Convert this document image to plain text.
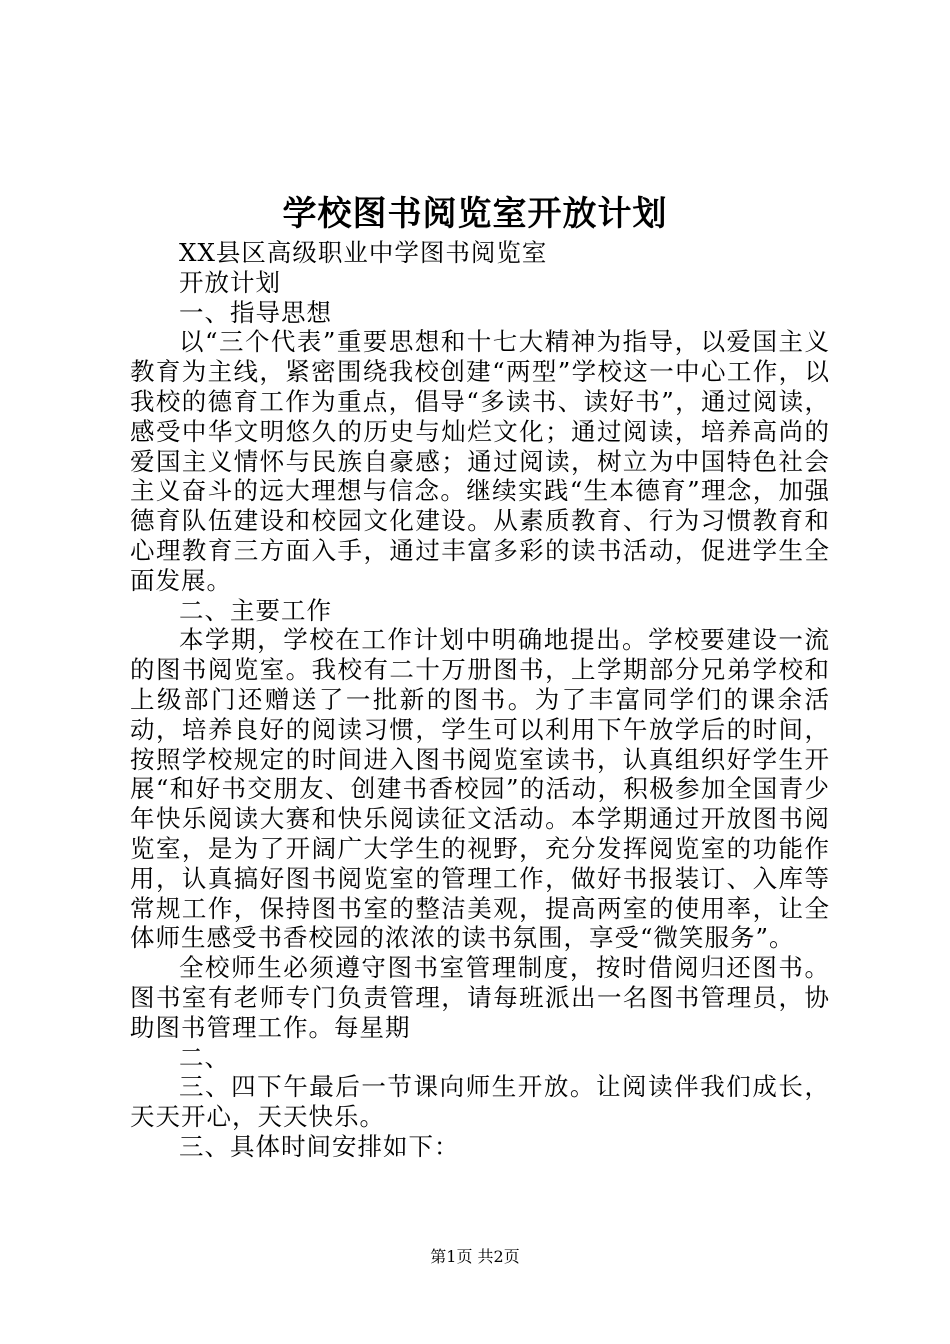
学校图书阅览室开放计划

XX县区高级职业中学图书阅览室

开放计划

一、指导思想

以“三个代表”重要思想和十七大精神为指导，以爱国主义教育为主线，紧密围绕我校创建“两型”学校这一中心工作，以我校的德育工作为重点，倡导“多读书、读好书”，通过阅读，感受中华文明悠久的历史与灿烂文化；通过阅读，培养高尚的爱国主义情怀与民族自豪感；通过阅读，树立为中国特色社会主义奋斗的远大理想与信念。继续实践“生本德育”理念，加强德育队伍建设和校园文化建设。从素质教育、行为习惯教育和心理教育三方面入手，通过丰富多彩的读书活动，促进学生全面发展。

二、主要工作

本学期，学校在工作计划中明确地提出。学校要建设一流的图书阅览室。我校有二十万册图书，上学期部分兄弟学校和上级部门还赠送了一批新的图书。为了丰富同学们的课余活动，培养良好的阅读习惯，学生可以利用下午放学后的时间，按照学校规定的时间进入图书阅览室读书，认真组织好学生开展“和好书交朋友、创建书香校园”的活动，积极参加全国青少年快乐阅读大赛和快乐阅读征文活动。本学期通过开放图书阅览室，是为了开阔广大学生的视野，充分发挥阅览室的功能作用，认真搞好图书阅览室的管理工作，做好书报装订、入库等常规工作，保持图书室的整洁美观，提高两室的使用率，让全体师生感受书香校园的浓浓的读书氛围，享受“微笑服务”。

全校师生必须遵守图书室管理制度，按时借阅归还图书。图书室有老师专门负责管理，请每班派出一名图书管理员，协助图书管理工作。每星期

二、

三、四下午最后一节课向师生开放。让阅读伴我们成长，天天开心，天天快乐。

三、具体时间安排如下：

第1页 共2页
